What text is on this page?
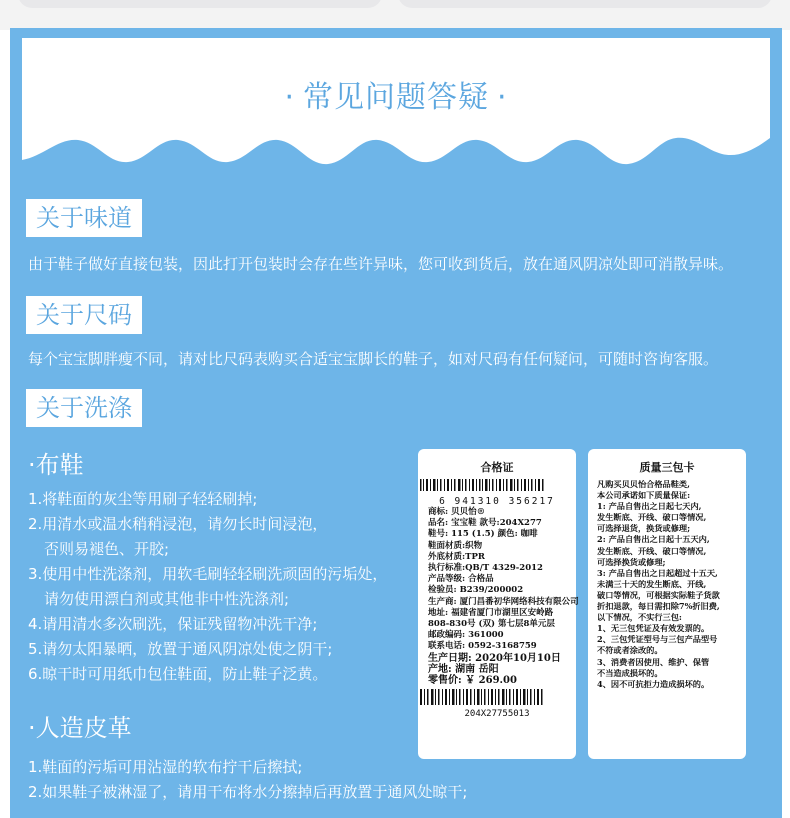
· 常见问题答疑 ·
关于味道
由于鞋子做好直接包装，因此打开包装时会存在些许异味，您可收到货后，放在通风阴凉处即可消散异味。
关于尺码
每个宝宝脚胖瘦不同，请对比尺码表购买合适宝宝脚长的鞋子，如对尺码有任何疑问，可随时咨询客服。
关于洗涤
·布鞋
1.将鞋面的灰尘等用刷子轻轻刷掉;
2.用清水或温水稍稍浸泡，请勿长时间浸泡，
否则易褪色、开胶;
3.使用中性洗涤剂，用软毛刷轻轻刷洗顽固的污垢处，
请勿使用漂白剂或其他非中性洗涤剂;
4.请用清水多次刷洗，保证残留物冲洗干净;
5.请勿太阳暴晒，放置于通风阴凉处使之阴干;
6.晾干时可用纸巾包住鞋面，防止鞋子泛黄。
·人造皮革
1.鞋面的污垢可用沾湿的软布拧干后擦拭;
2.如果鞋子被淋湿了，请用干布将水分擦掉后再放置于通风处晾干;
合格证
6 941310 356217
商标: 贝贝怡®
品名: 宝宝鞋 款号:204X277
鞋号: 115 (1.5) 颜色: 咖啡
鞋面材质:织物
外底材质:TPR
执行标准:QB/T 4329-2012
产品等级: 合格品
检验员: B239/200002
生产商: 厦门昌番初华网络科技有限公司
地址: 福建省厦门市湖里区安岭路
808-830号 (双) 第七层8单元层
邮政编码: 361000
联系电话: 0592-3168759
生产日期: 2020年10月10日
产地: 湖南 岳阳
零售价: ￥ 269.00
204X27755013
质量三包卡
凡购买贝贝怡合格品鞋类,
本公司承诺如下质量保证:
1: 产品自售出之日起七天内,
发生断底、开线、破口等情况,
可选择退货，换货或修理;
2: 产品自售出之日起十五天内,
发生断底、开线、破口等情况,
可选择换货或修理;
3: 产品自售出之日起超过十五天,
未满三十天的发生断底、开线,
破口等情况，可根据实际鞋子货款
折扣退款，每日需扣除7%折旧费,
以下情况，不实行三包:
1、无三包凭证及有效发票的。
2、三包凭证型号与三包产品型号
不符或者涂改的。
3、消费者因使用、维护、保管
不当造成损坏的。
4、因不可抗拒力造成损坏的。
